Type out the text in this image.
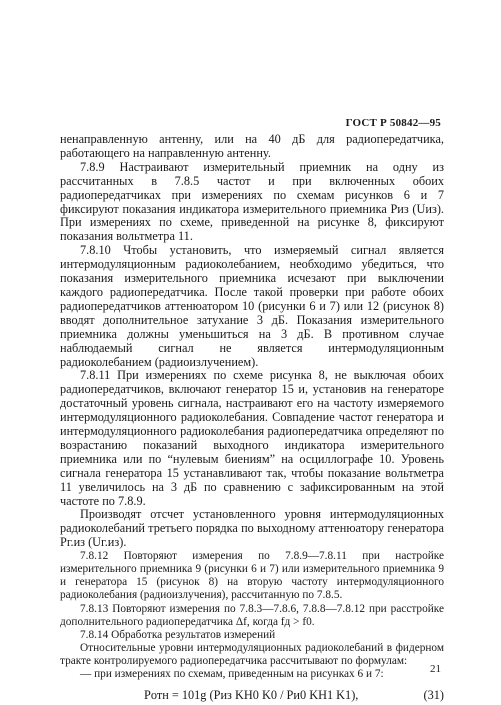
ГОСТ Р 50842—95

ненаправленную антенну, или на 40 дБ для радиопередатчика, работающего на направленную антенну.

7.8.9 Настраивают измерительный приемник на одну из рассчитанных в 7.8.5 частот и при включенных обоих радиопередатчиках при измерениях по схемам рисунков 6 и 7 фиксируют показания индикатора измерительного приемника Pиз (Uиз). При измерениях по схеме, приведенной на рисунке 8, фиксируют показания вольтметра 11.

7.8.10 Чтобы установить, что измеряемый сигнал является интермодуляционным радиоколебанием, необходимо убедиться, что показания измерительного приемника исчезают при выключении каждого радиопередатчика. После такой проверки при работе обоих радиопередатчиков аттенюатором 10 (рисунки 6 и 7) или 12 (рисунок 8) вводят дополнительное затухание 3 дБ. Показания измерительного приемника должны уменьшиться на 3 дБ. В противном случае наблюдаемый сигнал не является интермодуляционным радиоколебанием (радиоизлучением).

7.8.11 При измерениях по схеме рисунка 8, не выключая обоих радиопередатчиков, включают генератор 15 и, установив на генераторе достаточный уровень сигнала, настраивают его на частоту измеряемого интермодуляционного радиоколебания. Совпадение частот генератора и интермодуляционного радиоколебания радиопередатчика определяют по возрастанию показаний выходного индикатора измерительного приемника или по “нулевым биениям” на осциллографе 10. Уровень сигнала генератора 15 устанавливают так, чтобы показание вольтметра 11 увеличилось на 3 дБ по сравнению с зафиксированным на этой частоте по 7.8.9.

Производят отсчет установленного уровня интермодуляционных радиоколебаний третьего порядка по выходному аттенюатору генератора Pг.из (Uг.из).

7.8.12 Повторяют измерения по 7.8.9—7.8.11 при настройке измерительного приемника 9 (рисунки 6 и 7) или измерительного приемника 9 и генератора 15 (рисунок 8) на вторую частоту интермодуляционного радиоколебания (радиоизлучения), рассчитанную по 7.8.5.

7.8.13 Повторяют измерения по 7.8.3—7.8.6, 7.8.8—7.8.12 при расстройке дополнительного радиопередатчика Δf, когда fд > f0.

7.8.14 Обработка результатов измерений

Относительные уровни интермодуляционных радиоколебаний в фидерном тракте контролируемого радиопередатчика рассчитывают по формулам:

— при измерениях по схемам, приведенным на рисунках 6 и 7:

Pотн = 101g (Pиз KН0 K0 / Pи0 KН1 K1),	(31)
21
